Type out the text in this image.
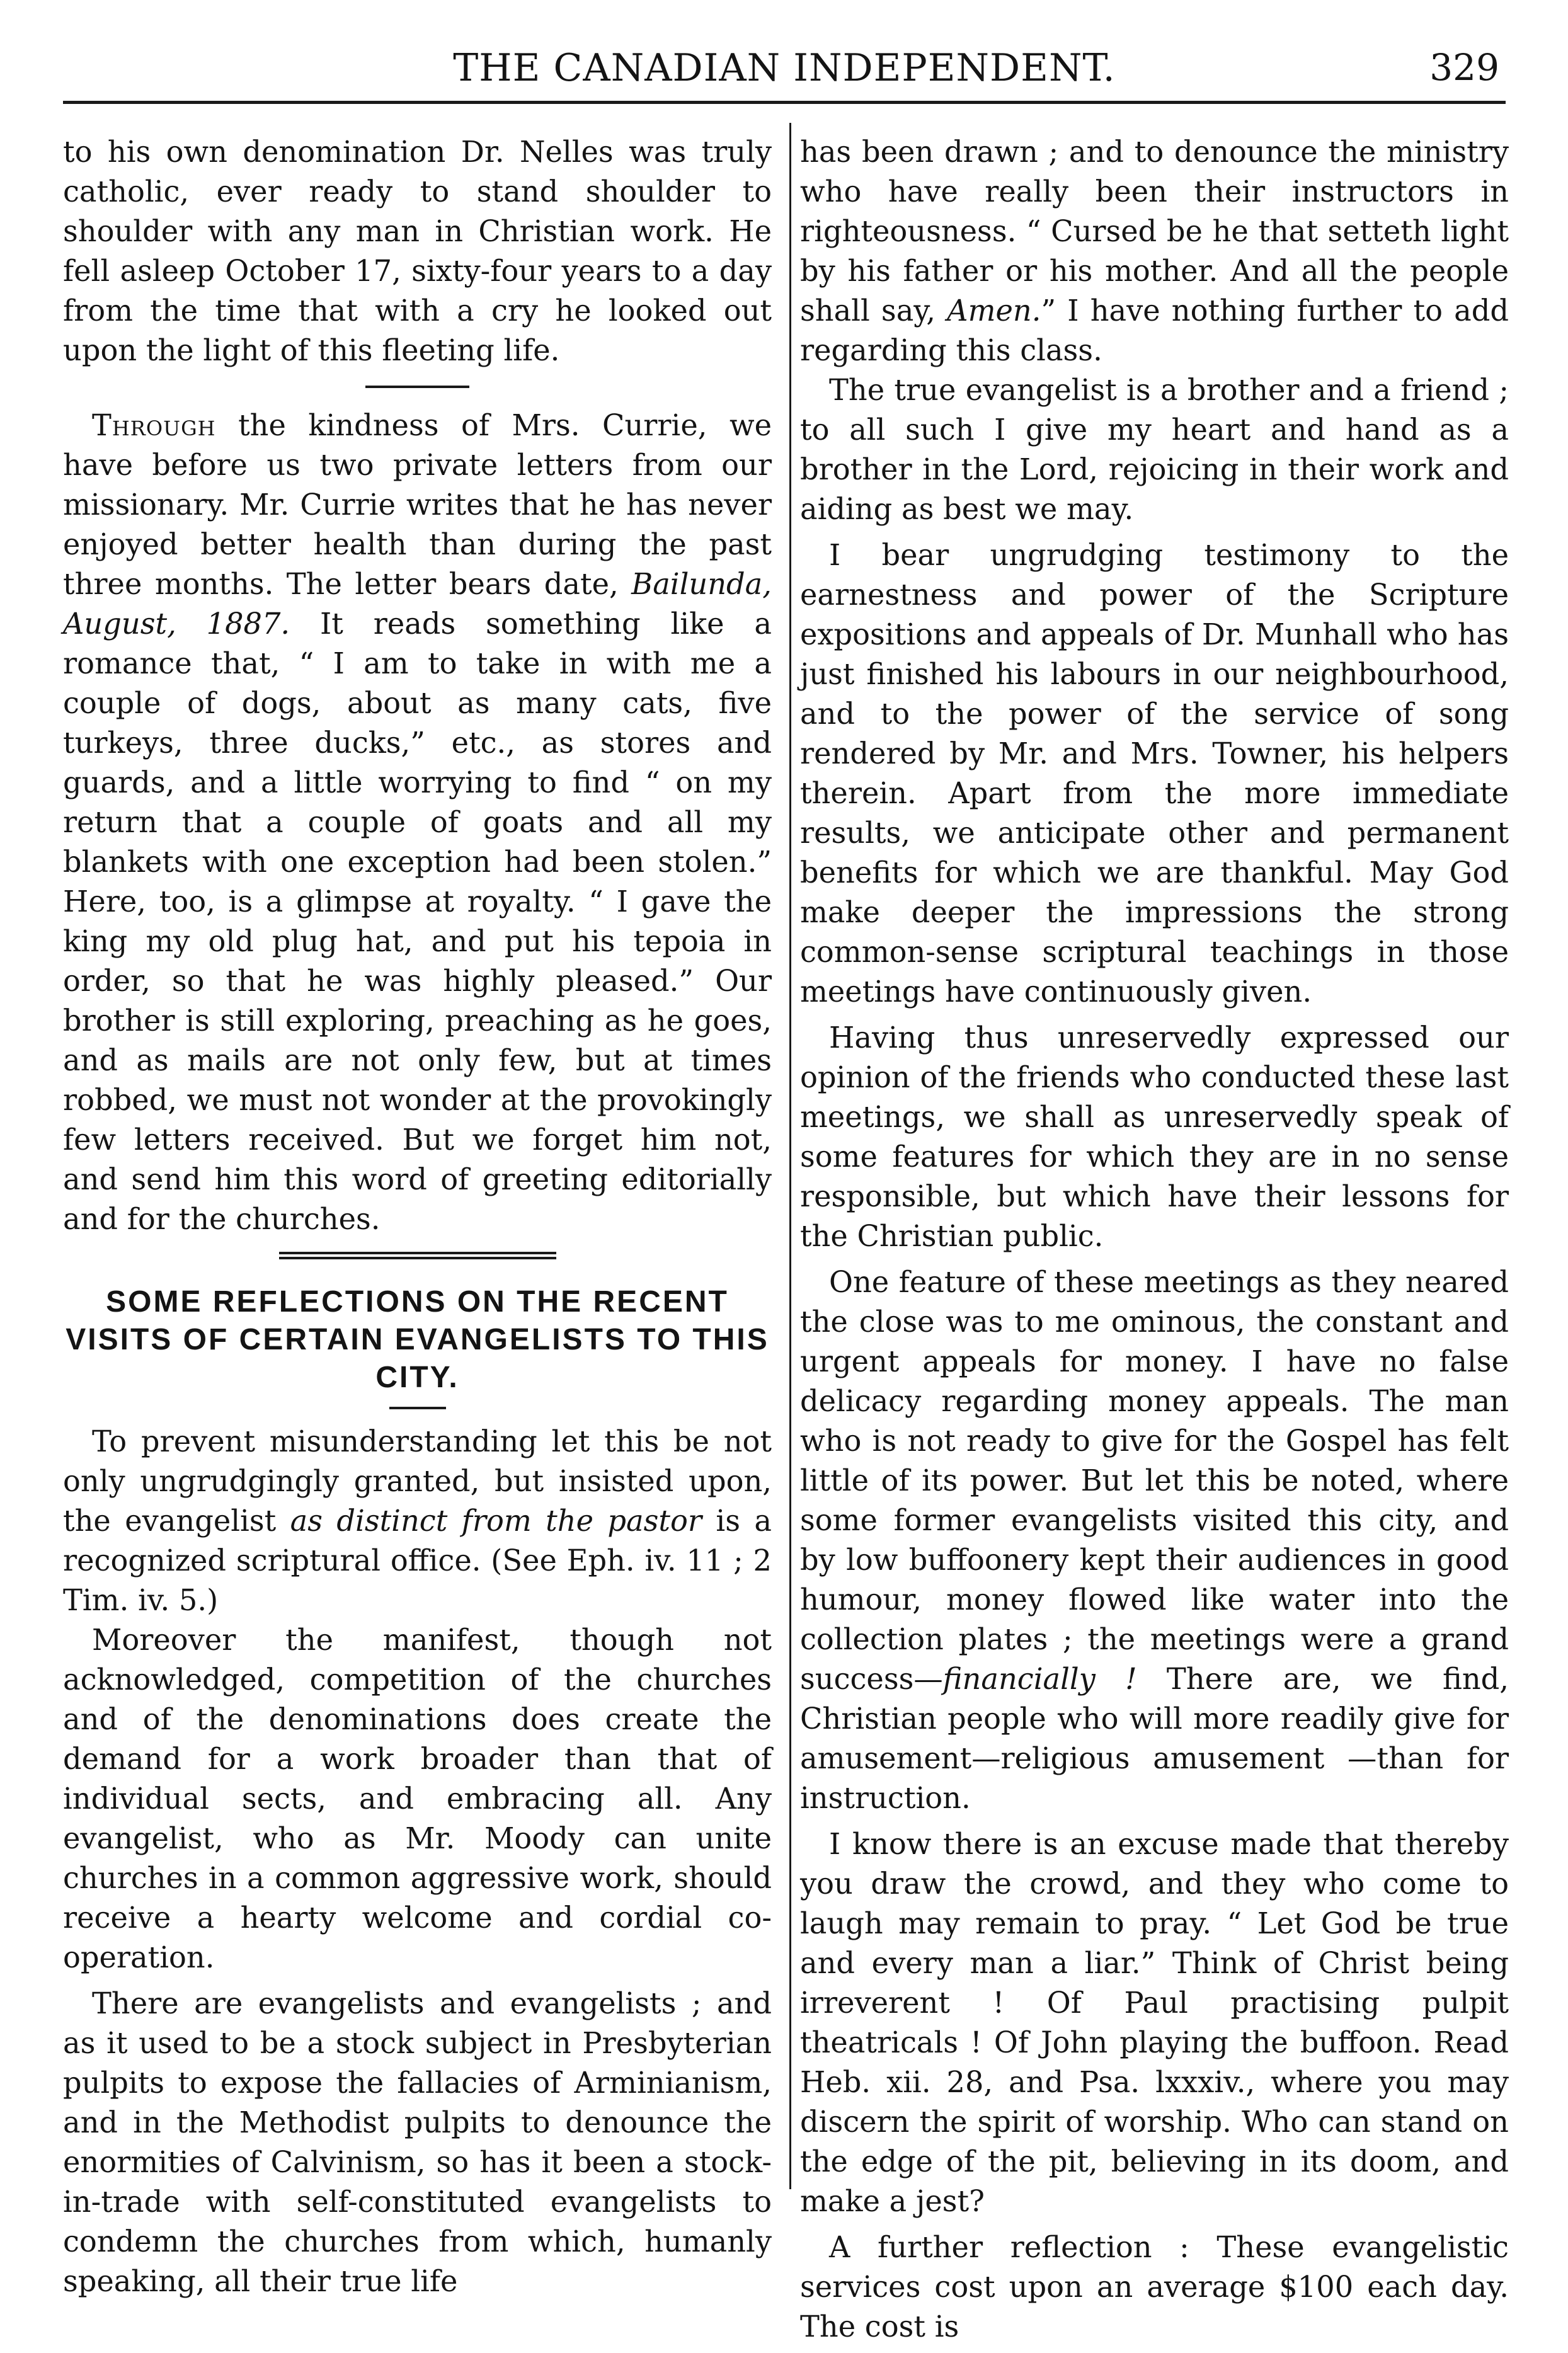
THE CANADIAN INDEPENDENT.	329

to his own denomination Dr. Nelles was truly catholic, ever ready to stand shoulder to shoulder with any man in Christian work. He fell asleep October 17, sixty-four years to a day from the time that with a cry he looked out upon the light of this fleeting life.

Through the kindness of Mrs. Currie, we have before us two private letters from our missionary. Mr. Currie writes that he has never enjoyed better health than during the past three months. The letter bears date, Bailunda, August, 1887. It reads something like a romance that, “ I am to take in with me a couple of dogs, about as many cats, five turkeys, three ducks,” etc., as stores and guards, and a little worrying to find “ on my return that a couple of goats and all my blankets with one exception had been stolen.” Here, too, is a glimpse at royalty. “ I gave the king my old plug hat, and put his tepoia in order, so that he was highly pleased.” Our brother is still exploring, preaching as he goes, and as mails are not only few, but at times robbed, we must not wonder at the provokingly few letters received. But we forget him not, and send him this word of greeting editorially and for the churches.

SOME REFLECTIONS ON THE RECENT VISITS OF CERTAIN EVANGELISTS TO THIS CITY.

To prevent misunderstanding let this be not only ungrudgingly granted, but insisted upon, the evangelist as distinct from the pastor is a recognized scriptural office. (See Eph. iv. 11 ; 2 Tim. iv. 5.)

Moreover the manifest, though not acknowledged, competition of the churches and of the denominations does create the demand for a work broader than that of individual sects, and embracing all. Any evangelist, who as Mr. Moody can unite churches in a common aggressive work, should receive a hearty welcome and cordial co-operation.

There are evangelists and evangelists ; and as it used to be a stock subject in Presbyterian pulpits to expose the fallacies of Arminianism, and in the Methodist pulpits to denounce the enormities of Calvinism, so has it been a stock-in-trade with self-constituted evangelists to condemn the churches from which, humanly speaking, all their true life

has been drawn ; and to denounce the ministry who have really been their instructors in righteousness. “ Cursed be he that setteth light by his father or his mother. And all the people shall say, Amen.” I have nothing further to add regarding this class.

The true evangelist is a brother and a friend ; to all such I give my heart and hand as a brother in the Lord, rejoicing in their work and aiding as best we may.

I bear ungrudging testimony to the earnestness and power of the Scripture expositions and appeals of Dr. Munhall who has just finished his labours in our neighbourhood, and to the power of the service of song rendered by Mr. and Mrs. Towner, his helpers therein. Apart from the more immediate results, we anticipate other and permanent benefits for which we are thankful. May God make deeper the impressions the strong common-sense scriptural teachings in those meetings have continuously given.

Having thus unreservedly expressed our opinion of the friends who conducted these last meetings, we shall as unreservedly speak of some features for which they are in no sense responsible, but which have their lessons for the Christian public.

One feature of these meetings as they neared the close was to me ominous, the constant and urgent appeals for money. I have no false delicacy regarding money appeals. The man who is not ready to give for the Gospel has felt little of its power. But let this be noted, where some former evangelists visited this city, and by low buffoonery kept their audiences in good humour, money flowed like water into the collection plates ; the meetings were a grand success—financially ! There are, we find, Christian people who will more readily give for amusement—religious amusement —than for instruction.

I know there is an excuse made that thereby you draw the crowd, and they who come to laugh may remain to pray. “ Let God be true and every man a liar.” Think of Christ being irreverent ! Of Paul practising pulpit theatricals ! Of John playing the buffoon. Read Heb. xii. 28, and Psa. lxxxiv., where you may discern the spirit of worship. Who can stand on the edge of the pit, believing in its doom, and make a jest?

A further reflection : These evangelistic services cost upon an average $100 each day. The cost is
